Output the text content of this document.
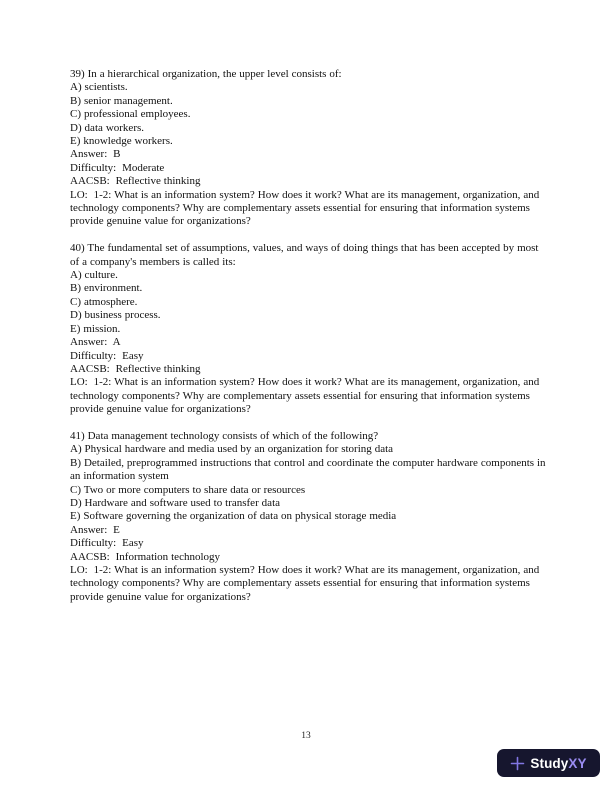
39) In a hierarchical organization, the upper level consists of:
A) scientists.
B) senior management.
C) professional employees.
D) data workers.
E) knowledge workers.
Answer:  B
Difficulty:  Moderate
AACSB:  Reflective thinking
LO:  1-2: What is an information system? How does it work? What are its management, organization, and technology components? Why are complementary assets essential for ensuring that information systems provide genuine value for organizations?
40) The fundamental set of assumptions, values, and ways of doing things that has been accepted by most of a company's members is called its:
A) culture.
B) environment.
C) atmosphere.
D) business process.
E) mission.
Answer:  A
Difficulty:  Easy
AACSB:  Reflective thinking
LO:  1-2: What is an information system? How does it work? What are its management, organization, and technology components? Why are complementary assets essential for ensuring that information systems provide genuine value for organizations?
41) Data management technology consists of which of the following?
A) Physical hardware and media used by an organization for storing data
B) Detailed, preprogrammed instructions that control and coordinate the computer hardware components in an information system
C) Two or more computers to share data or resources
D) Hardware and software used to transfer data
E) Software governing the organization of data on physical storage media
Answer:  E
Difficulty:  Easy
AACSB:  Information technology
LO:  1-2: What is an information system? How does it work? What are its management, organization, and technology components? Why are complementary assets essential for ensuring that information systems provide genuine value for organizations?
13
StudyXY
